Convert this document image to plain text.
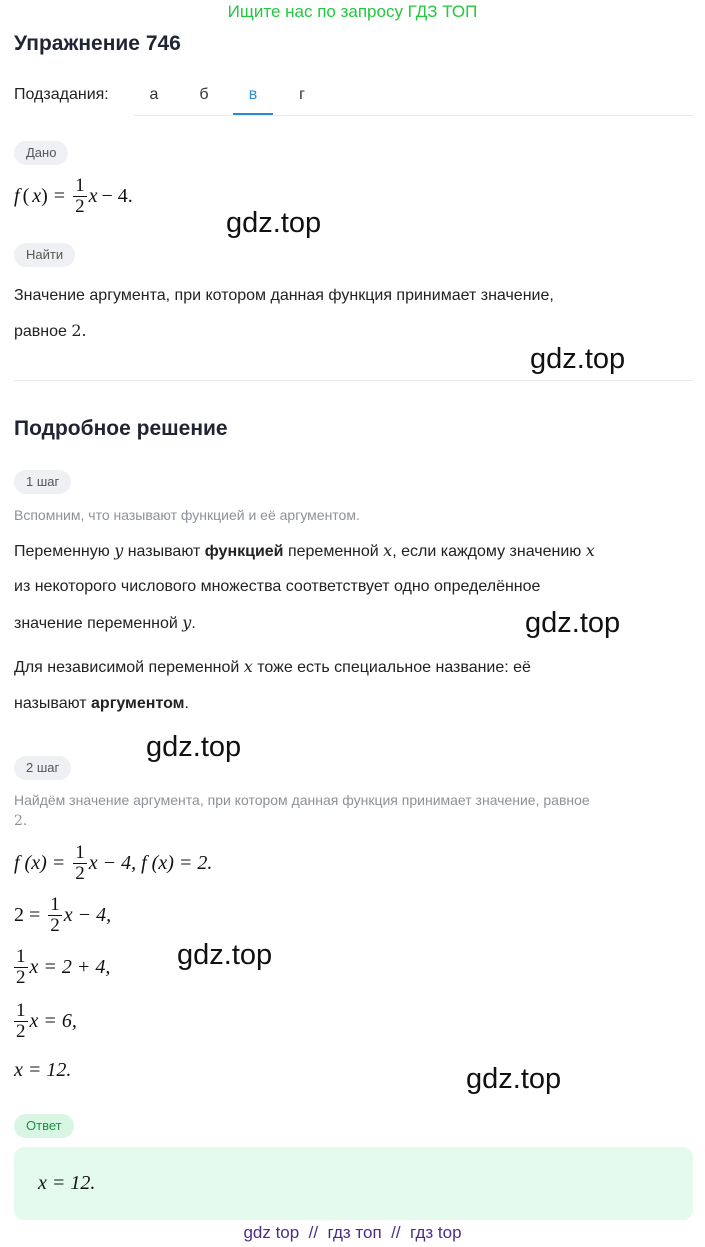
Ищите нас по запросу ГДЗ ТОП
Упражнение 746
Подзадания:	а	б	в	г
Дано
f ( x ) = $\frac{1}{2}$ x − 4.
Найти
Значение аргумента, при котором данная функция принимает значение,
равное 2.
Подробное решение
1 шаг
Вспомним, что называют функцией и её аргументом.
Переменную y называют функцией переменной x, если каждому значению x
из некоторого числового множества соответствует одно определённое
значение переменной y.
Для независимой переменной x тоже есть специальное название: её
называют аргументом.
2 шаг
Найдём значение аргумента, при котором данная функция принимает значение, равное
2.
f $(x) = \frac{1}{2}$ x − 4, f (x) = 2.
$2 = \frac{1}{2}$ x − 4,
$\frac{1}{2}$ x = 2 + 4,
$\frac{1}{2}$ x = 6,
x = 12.
Ответ
x = 12.
gdz.top
gdz.top
gdz.top
gdz.top
gdz.top
gdz.top
gdz top  //  гдз топ  //  гдз top
